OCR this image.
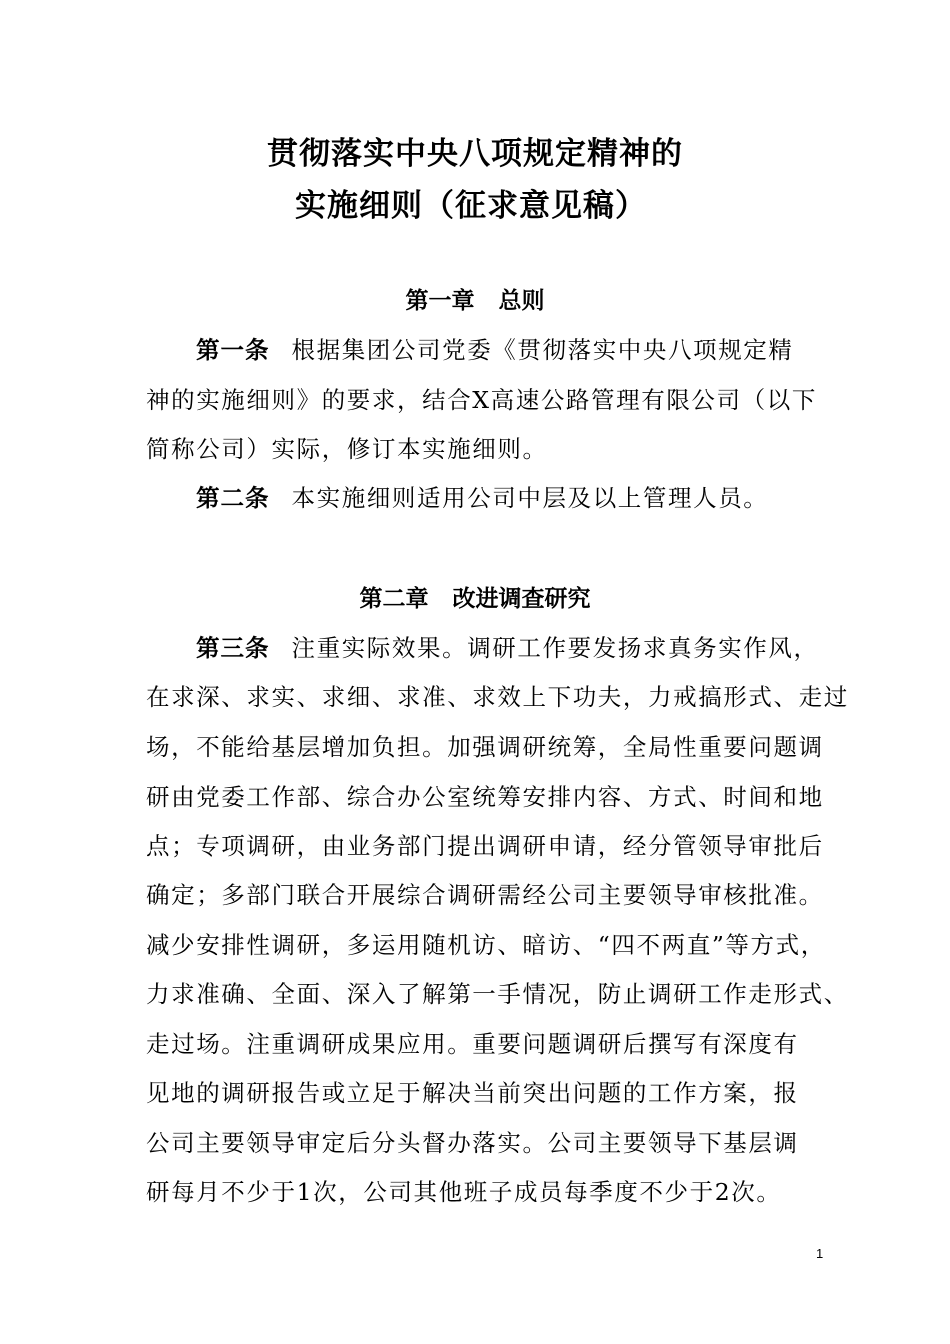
贯彻落实中央八项规定精神的
实施细则（征求意见稿）
第一章 总则
第一条 根据集团公司党委《贯彻落实中央八项规定精
神的实施细则》的要求，结合X高速公路管理有限公司（以下
简称公司）实际，修订本实施细则。
第二条 本实施细则适用公司中层及以上管理人员。
第二章 改进调查研究
第三条 注重实际效果。调研工作要发扬求真务实作风，
在求深、求实、求细、求准、求效上下功夫，力戒搞形式、走过
场，不能给基层增加负担。加强调研统筹，全局性重要问题调
研由党委工作部、综合办公室统筹安排内容、方式、时间和地
点；专项调研，由业务部门提出调研申请，经分管领导审批后
确定；多部门联合开展综合调研需经公司主要领导审核批准。
减少安排性调研，多运用随机访、暗访、“四不两直”等方式，
力求准确、全面、深入了解第一手情况，防止调研工作走形式、
走过场。注重调研成果应用。重要问题调研后撰写有深度有
见地的调研报告或立足于解决当前突出问题的工作方案，报
公司主要领导审定后分头督办落实。公司主要领导下基层调
研每月不少于1次，公司其他班子成员每季度不少于2次。
1
